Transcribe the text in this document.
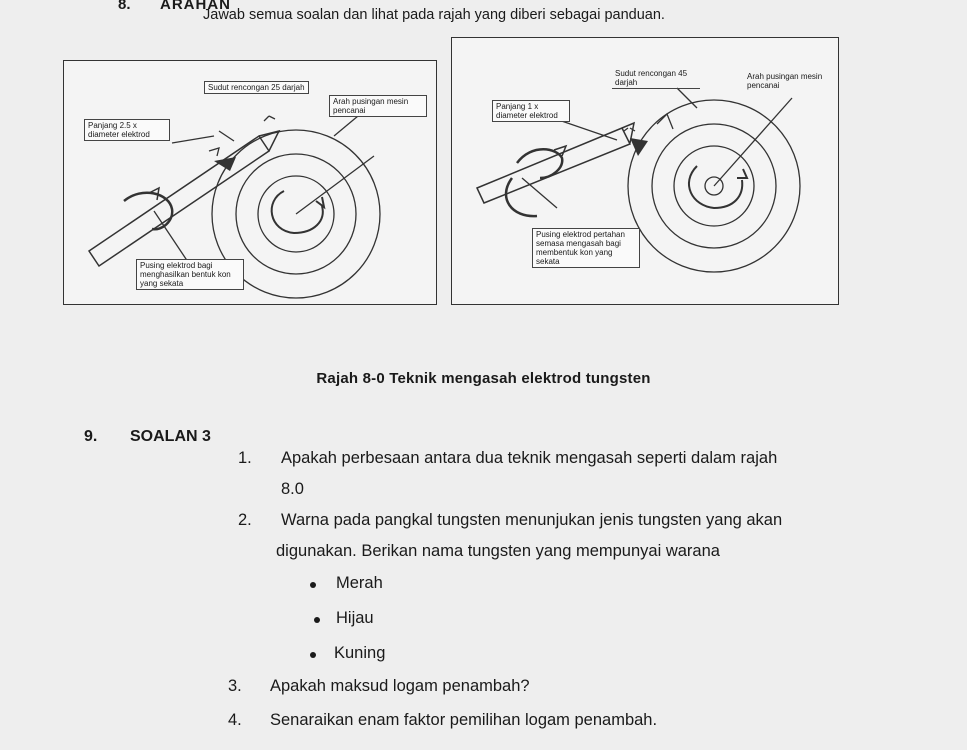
8. ARAHAN
Jawab semua soalan dan lihat pada rajah yang diberi sebagai panduan.
Sudut rencongan 25 darjah
Panjang 2.5 x diameter elektrod
Arah pusingan mesin pencanai
Pusing elektrod bagi menghasilkan bentuk kon yang sekata
Sudut rencongan 45 darjah
Panjang 1 x diameter elektrod
Arah pusingan mesin pencanai
Pusing elektrod pertahan semasa mengasah bagi membentuk kon yang sekata
Rajah 8-0 Teknik mengasah elektrod tungsten
9. SOALAN 3
1. Apakah perbesaan antara dua teknik mengasah seperti dalam rajah
8.0
2. Warna pada pangkal tungsten menunjukan jenis tungsten yang akan
digunakan. Berikan nama tungsten yang mempunyai warana
Merah
Hijau
Kuning
3. Apakah maksud logam penambah?
4. Senaraikan enam faktor pemilihan logam penambah.
